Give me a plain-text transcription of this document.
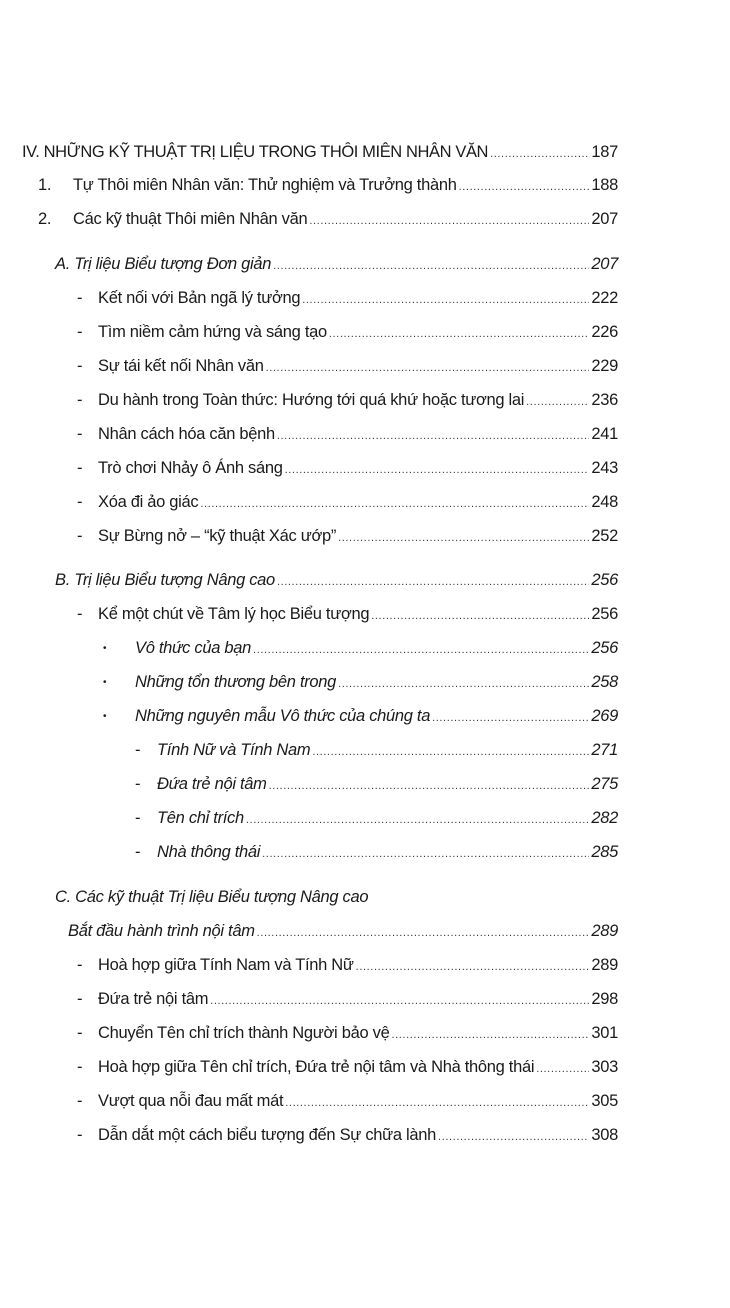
IV. NHỮNG KỸ THUẬT TRỊ LIỆU TRONG THÔI MIÊN NHÂN VĂN .....	187
1. Tự Thôi miên Nhân văn: Thử nghiệm và Trưởng thành .....	188
2. Các kỹ thuật Thôi miên Nhân văn .....	207
A. Trị liệu Biểu tượng Đơn giản .....	207
- Kết nối với Bản ngã lý tưởng .....	222
- Tìm niềm cảm hứng và sáng tạo .....	226
- Sự tái kết nối Nhân văn .....	229
- Du hành trong Toàn thức: Hướng tới quá khứ hoặc tương lai .....	236
- Nhân cách hóa căn bệnh .....	241
- Trò chơi Nhảy ô Ánh sáng .....	243
- Xóa đi ảo giác .....	248
- Sự Bừng nở – “kỹ thuật Xác ướp” .....	252
B. Trị liệu Biểu tượng Nâng cao .....	256
- Kể một chút về Tâm lý học Biểu tượng .....	256
• Vô thức của bạn .....	256
• Những tổn thương bên trong .....	258
• Những nguyên mẫu Vô thức của chúng ta .....	269
- Tính Nữ và Tính Nam .....	271
- Đứa trẻ nội tâm .....	275
- Tên chỉ trích .....	282
- Nhà thông thái .....	285
C. Các kỹ thuật Trị liệu Biểu tượng Nâng cao
Bắt đầu hành trình nội tâm .....	289
- Hoà hợp giữa Tính Nam và Tính Nữ .....	289
- Đứa trẻ nội tâm .....	298
- Chuyển Tên chỉ trích thành Người bảo vệ .....	301
- Hoà hợp giữa Tên chỉ trích, Đứa trẻ nội tâm và Nhà thông thái .....	303
- Vượt qua nỗi đau mất mát .....	305
- Dẫn dắt một cách biểu tượng đến Sự chữa lành .....	308
